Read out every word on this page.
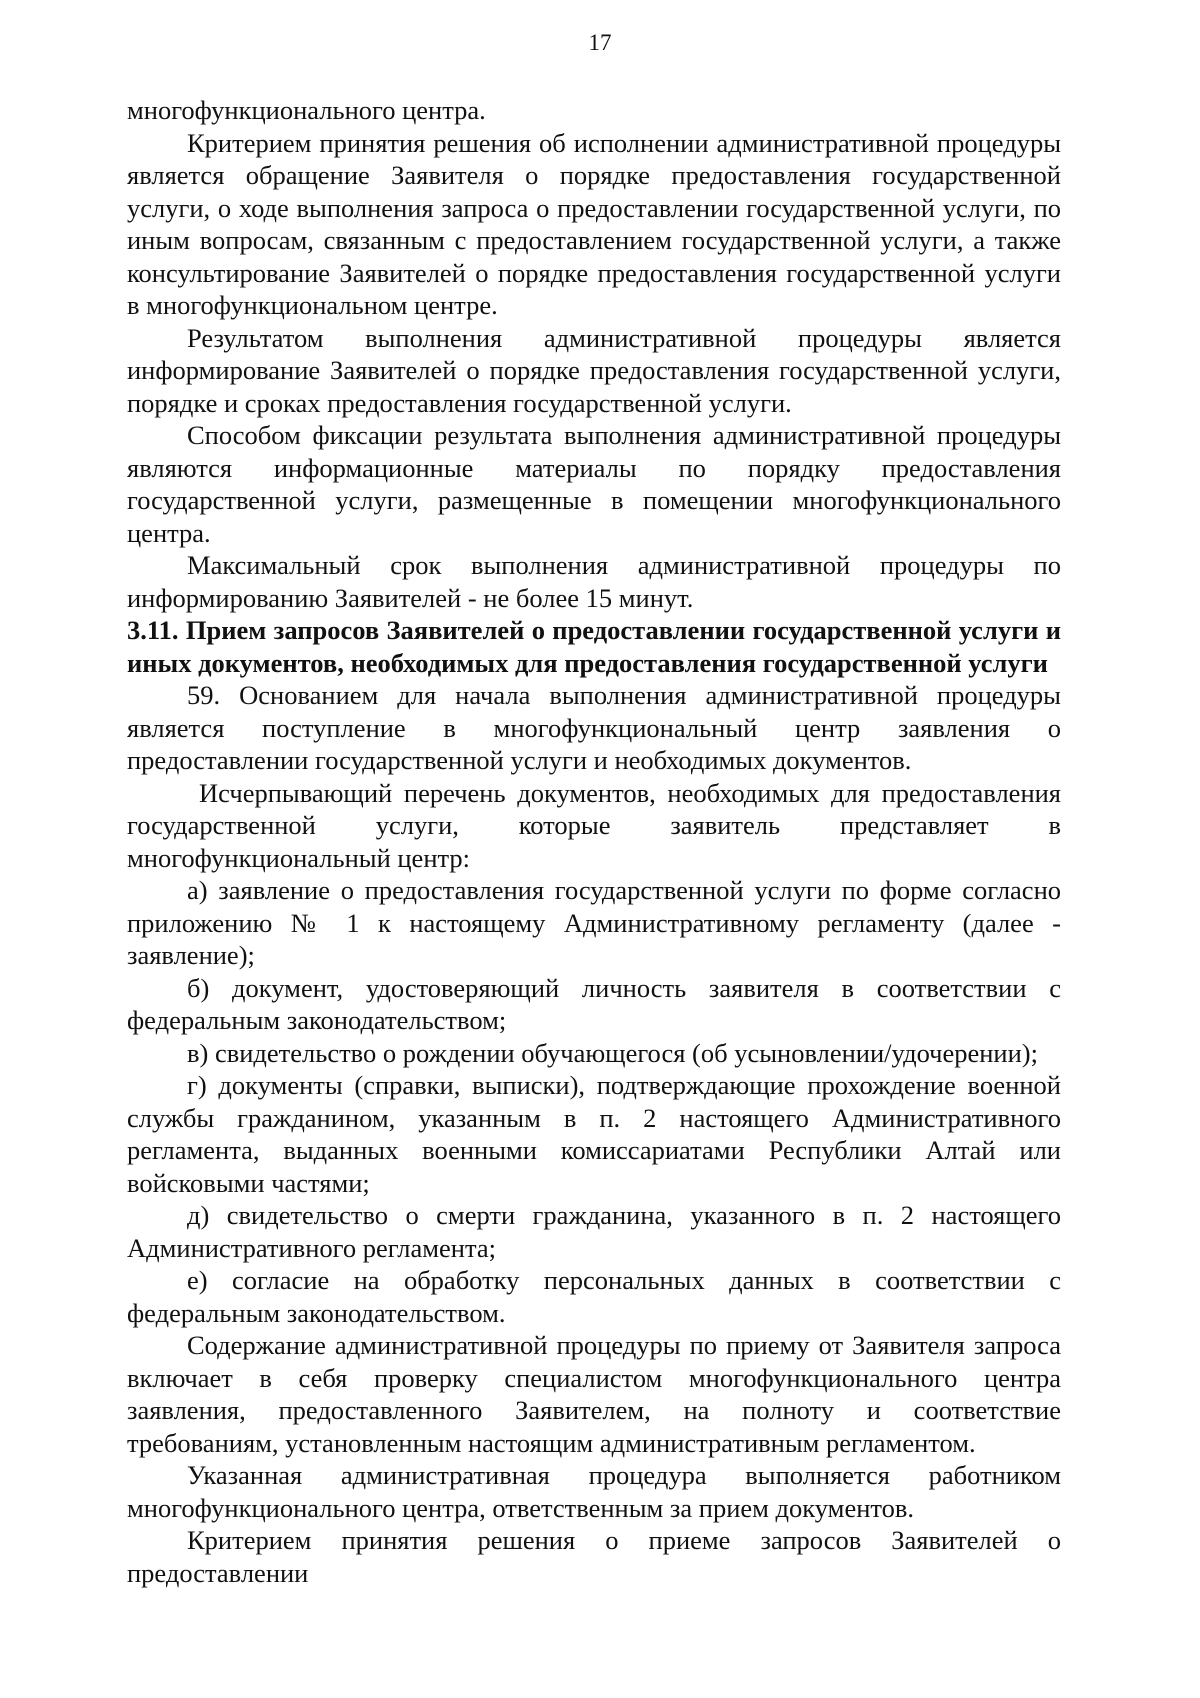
17

многофункционального центра.

Критерием принятия решения об исполнении административной процедуры является обращение Заявителя о порядке предоставления государственной услуги, о ходе выполнения запроса о предоставлении государственной услуги, по иным вопросам, связанным с предоставлением государственной услуги, а также консультирование Заявителей о порядке предоставления государственной услуги в многофункциональном центре.

Результатом выполнения административной процедуры является информирование Заявителей о порядке предоставления государственной услуги, порядке и сроках предоставления государственной услуги.

Способом фиксации результата выполнения административной процедуры являются информационные материалы по порядку предоставления государственной услуги, размещенные в помещении многофункционального центра.

Максимальный срок выполнения административной процедуры по информированию Заявителей - не более 15 минут.

3.11. Прием запросов Заявителей о предоставлении государственной услуги и иных документов, необходимых для предоставления государственной услуги

59. Основанием для начала выполнения административной процедуры является поступление в многофункциональный центр заявления о предоставлении государственной услуги и необходимых документов.

Исчерпывающий перечень документов, необходимых для предоставления государственной услуги, которые заявитель представляет в многофункциональный центр:

а) заявление о предоставления государственной услуги по форме согласно приложению № 1 к настоящему Административному регламенту (далее - заявление);

б) документ, удостоверяющий личность заявителя в соответствии с федеральным законодательством;

в) свидетельство о рождении обучающегося (об усыновлении/удочерении);

г) документы (справки, выписки), подтверждающие прохождение военной службы гражданином, указанным в п. 2 настоящего Административного регламента, выданных военными комиссариатами Республики Алтай или войсковыми частями;

д) свидетельство о смерти гражданина, указанного в п. 2 настоящего Административного регламента;

е) согласие на обработку персональных данных в соответствии с федеральным законодательством.

Содержание административной процедуры по приему от Заявителя запроса включает в себя проверку специалистом многофункционального центра заявления, предоставленного Заявителем, на полноту и соответствие требованиям, установленным настоящим административным регламентом.

Указанная административная процедура выполняется работником многофункционального центра, ответственным за прием документов.

Критерием принятия решения о приеме запросов Заявителей о предоставлении
